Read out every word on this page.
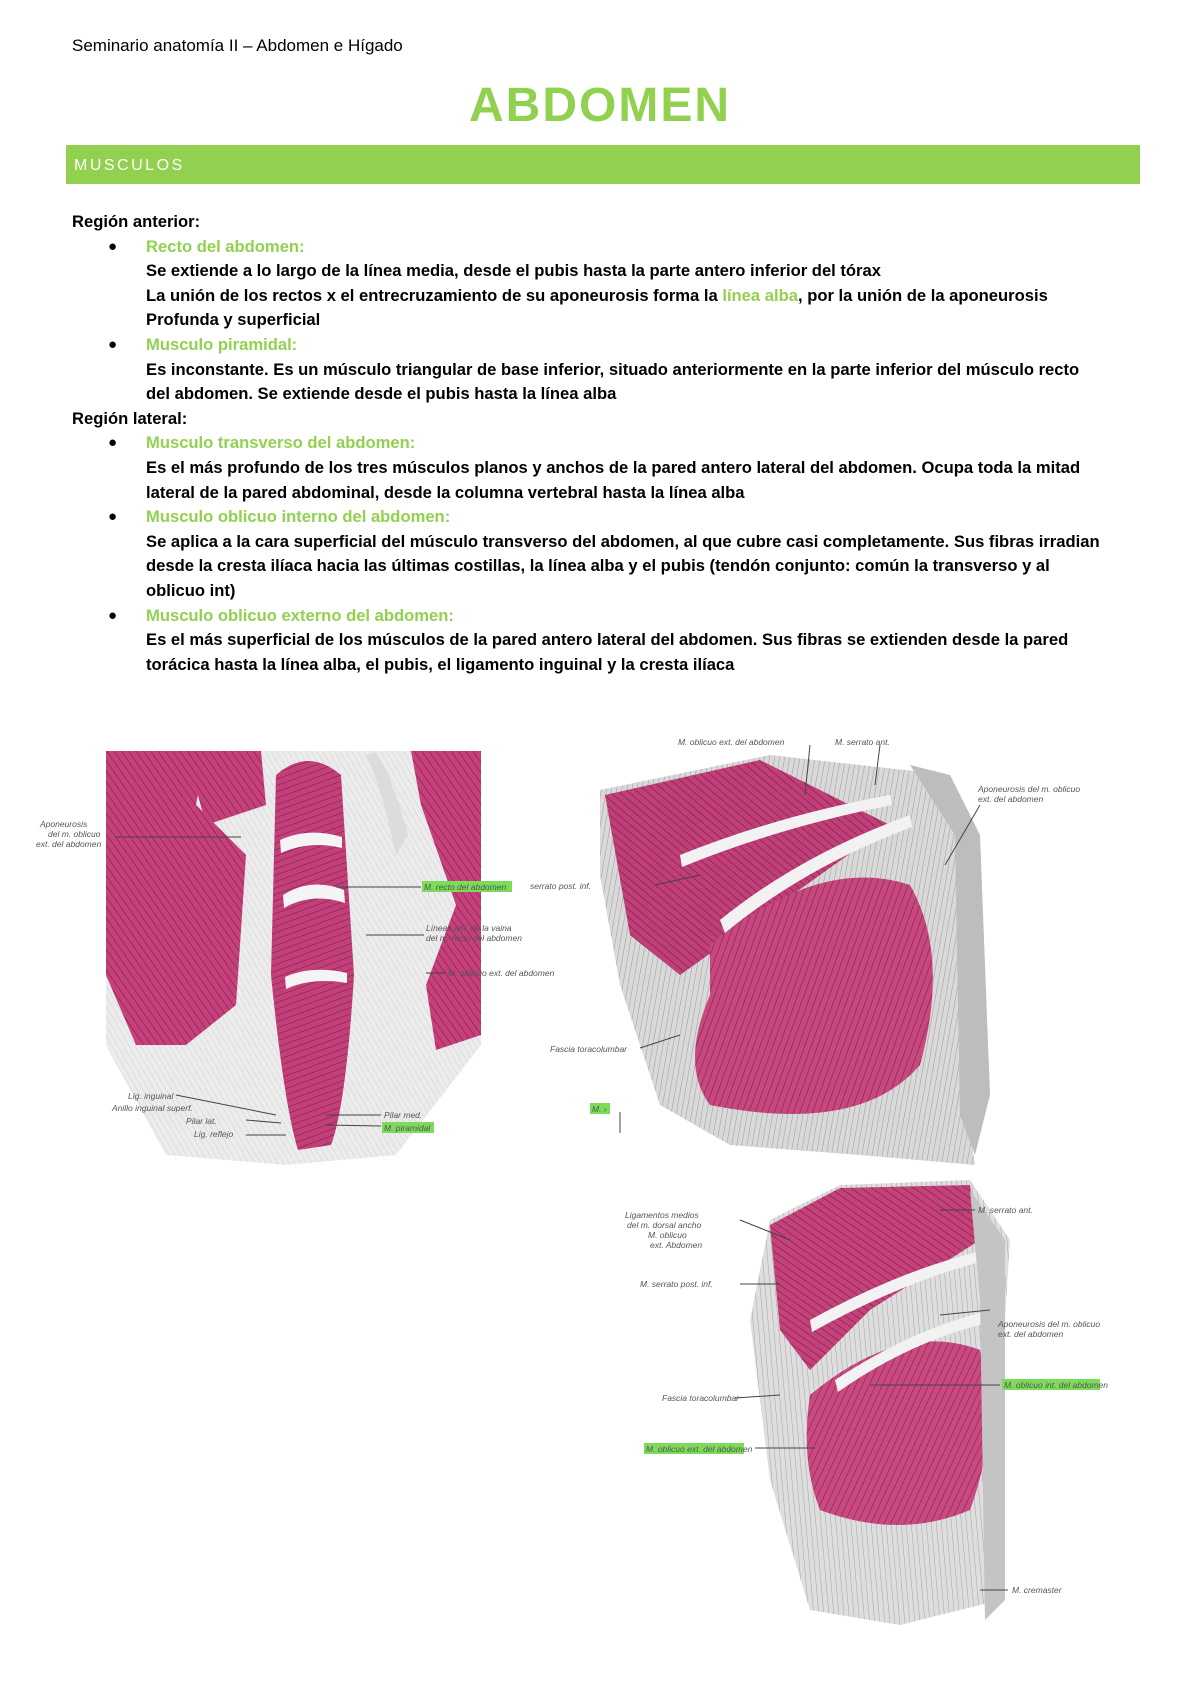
Seminario anatomía II – Abdomen e Hígado
ABDOMEN
MUSCULOS
Región anterior:
● Recto del abdomen:
Se extiende a lo largo de la línea media, desde el pubis hasta la parte antero inferior del tórax
La unión de los rectos x el entrecruzamiento de su aponeurosis forma la línea alba, por la unión de la aponeurosis
Profunda y superficial
● Musculo piramidal:
Es inconstante. Es un músculo triangular de base inferior, situado anteriormente en la parte inferior del músculo recto
del abdomen. Se extiende desde el pubis hasta la línea alba
Región lateral:
● Musculo transverso del abdomen:
Es el más profundo de los tres músculos planos y anchos de la pared antero lateral del abdomen. Ocupa toda la mitad
lateral de la pared abdominal, desde la columna vertebral hasta la línea alba
● Musculo oblicuo interno del abdomen:
Se aplica a la cara superficial del músculo transverso del abdomen, al que cubre casi completamente. Sus fibras irradian
desde la cresta ilíaca hacia las últimas costillas, la línea alba y el pubis (tendón conjunto: común la transverso y al
oblicuo int)
● Musculo oblicuo externo del abdomen:
Es el más superficial de los músculos de la pared antero lateral del abdomen. Sus fibras se extienden desde la pared
torácica hasta la línea alba, el pubis, el ligamento inguinal y la cresta ilíaca
Aponeurosis del m. oblicuo ext. del abdomen
M. recto del abdomen
Líneas ant. de la vaina del m. recto del abdomen
M. oblicuo ext. del abdomen
Lig. inguinal
Anillo inguinal superf.
Pilar lat.
Lig. reflejo
Pilar med.
M. piramidal
M. oblicuo ext. del abdomen	M. serrato ant.
Aponeurosis del m. oblicuo ext. del abdomen
serrato post. inf.
Fascia toracolumbar
M. ›
M. serrato ant.
Ligamentos medios del m. dorsal ancho M. oblicuo ext. Abdomen
M. serrato post. inf.
Aponeurosis del m. oblicuo ext. del abdomen
M. oblicuo int. del abdomen
Fascia toracolumbar
M. oblicuo ext. del abdomen
M. cremaster
